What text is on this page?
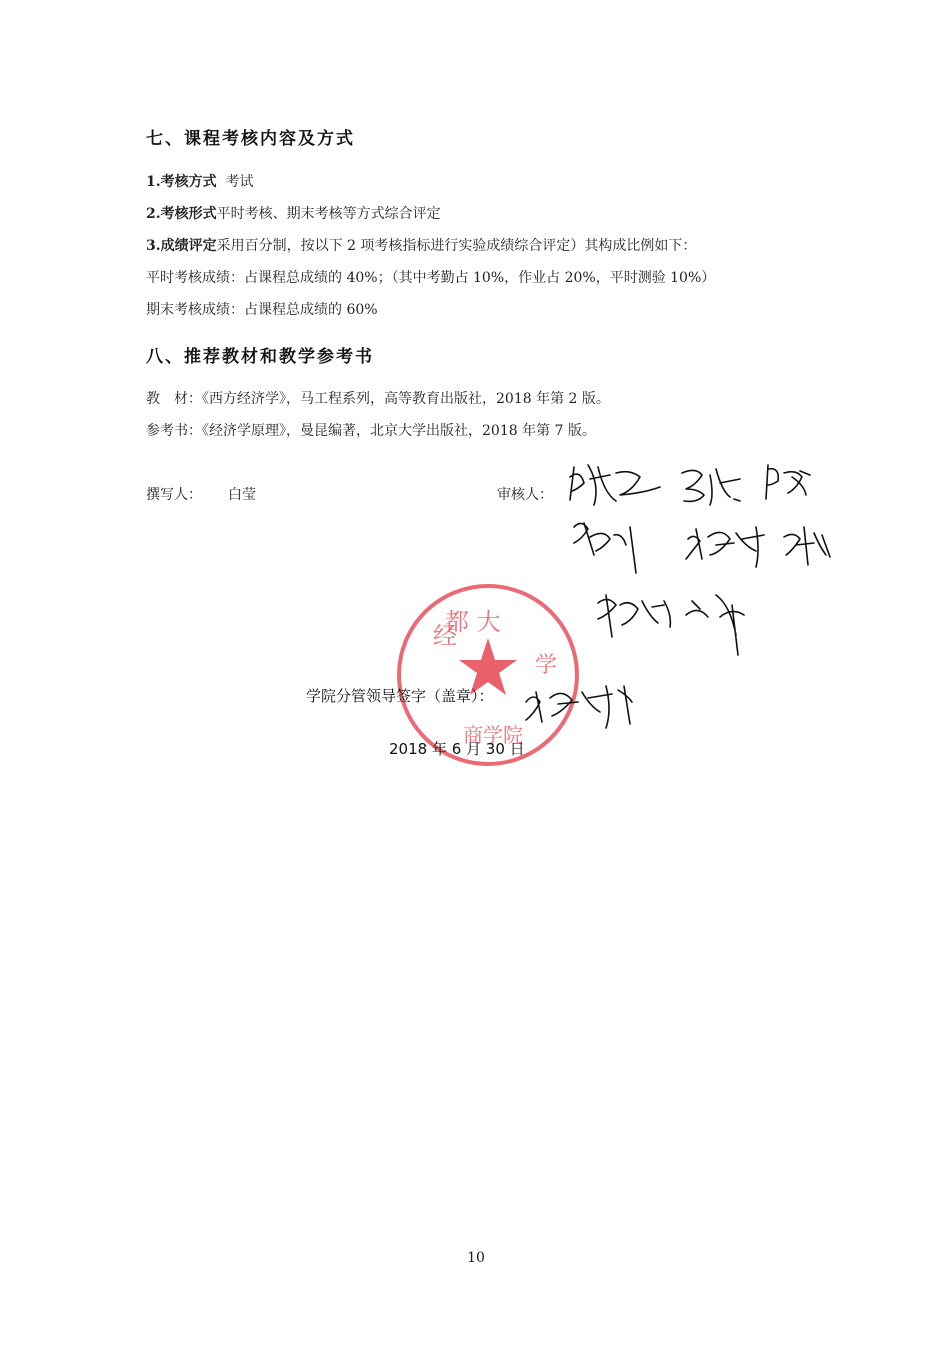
七、课程考核内容及方式
1.考核方式  考试
2.考核形式平时考核、期末考核等方式综合评定
3.成绩评定采用百分制，按以下 2 项考核指标进行实验成绩综合评定）其构成比例如下：
平时考核成绩：占课程总成绩的 40%；（其中考勤占 10%，作业占 20%，平时测验 10%）
期末考核成绩：占课程总成绩的 60%
八、推荐教材和教学参考书
教　材：《西方经济学》，马工程系列，高等教育出版社，2018 年第 2 版。
参考书：《经济学原理》，曼昆编著，北京大学出版社，2018 年第 7 版。
撰写人： 白莹	审核人：
经
都 大
学
商学院
学院分管领导签字（盖章）：
2018 年 6 月 30 日
10
